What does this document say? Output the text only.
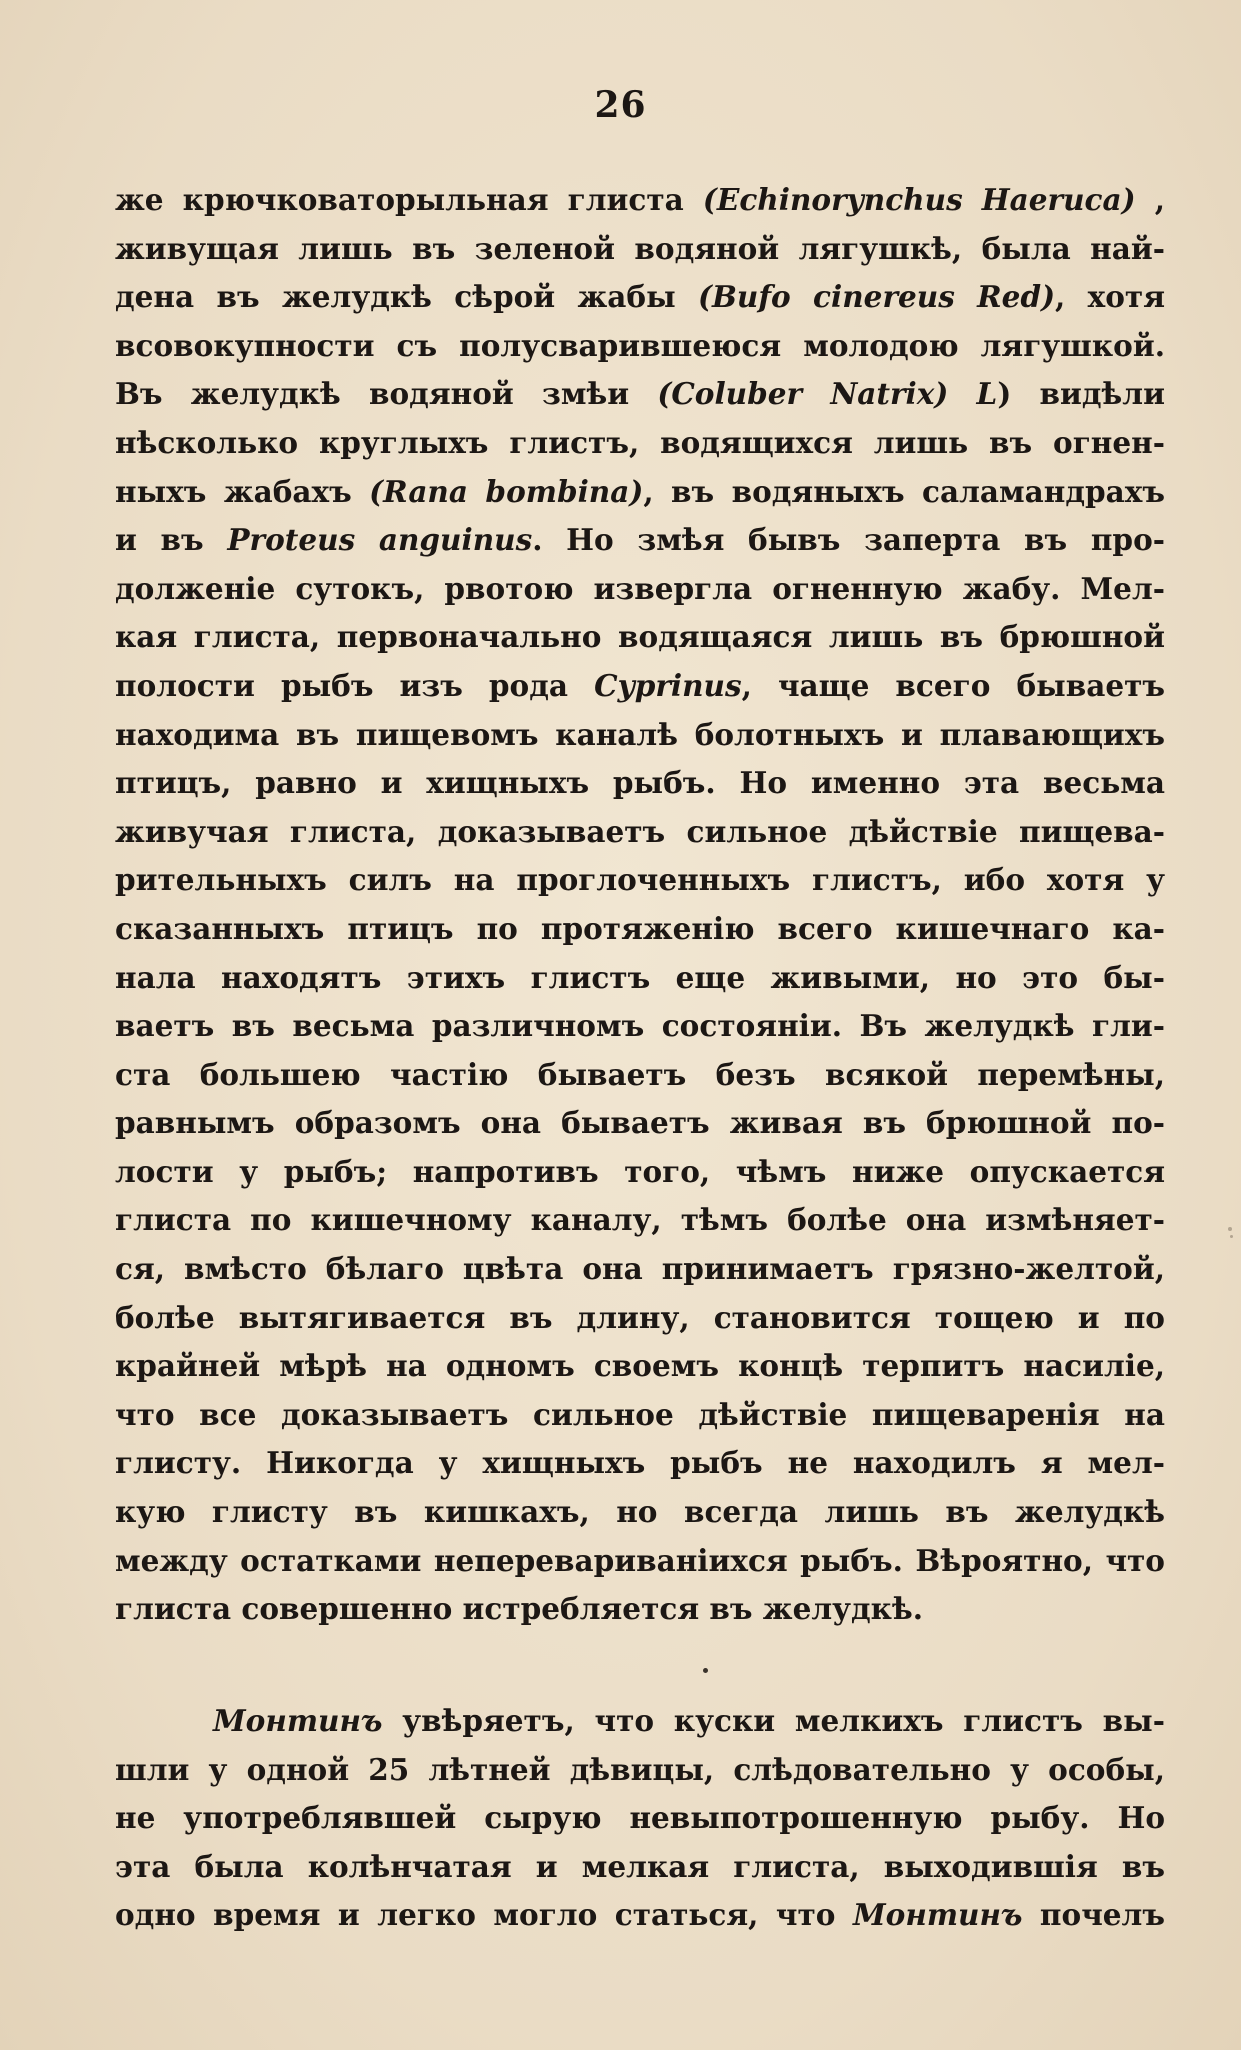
26
же крючковаторыльная глиста (Echinorynchus Haeruca) ,
живущая лишь въ зеленой водяной лягушкѣ, была най-
дена въ желудкѣ сѣрой жабы (Bufo cinereus Red), хотя
всовокупности съ полусварившеюся молодою лягушкой.
Въ желудкѣ водяной змѣи (Coluber Natrix) L) видѣли
нѣсколько круглыхъ глистъ, водящихся лишь въ огнен-
ныхъ жабахъ (Rana bombina), въ водяныхъ саламандрахъ
и въ Proteus anguinus. Но змѣя бывъ заперта въ про-
долженіе сутокъ, рвотою извергла огненную жабу. Мел-
кая глиста, первоначально водящаяся лишь въ брюшной
полости рыбъ изъ рода Cyprinus, чаще всего бываетъ
находима въ пищевомъ каналѣ болотныхъ и плавающихъ
птицъ, равно и хищныхъ рыбъ. Но именно эта весьма
живучая глиста, доказываетъ сильное дѣйствіе пищева-
рительныхъ силъ на проглоченныхъ глистъ, ибо хотя у
сказанныхъ птицъ по протяженію всего кишечнаго ка-
нала находятъ этихъ глистъ еще живыми, но это бы-
ваетъ въ весьма различномъ состояніи. Въ желудкѣ гли-
ста большею частію бываетъ безъ всякой перемѣны,
равнымъ образомъ она бываетъ живая въ брюшной по-
лости у рыбъ; напротивъ того, чѣмъ ниже опускается
глиста по кишечному каналу, тѣмъ болѣе она измѣняет-
ся, вмѣсто бѣлаго цвѣта она принимаетъ грязно-желтой,
болѣе вытягивается въ длину, становится тощею и по
крайней мѣрѣ на одномъ своемъ концѣ терпитъ насиліе,
что все доказываетъ сильное дѣйствіе пищеваренія на
глисту. Никогда у хищныхъ рыбъ не находилъ я мел-
кую глисту въ кишкахъ, но всегда лишь въ желудкѣ
между остатками неперевариваніихся рыбъ. Вѣроятно, что
глиста совершенно истребляется въ желудкѣ.
Монтинъ увѣряетъ, что куски мелкихъ глистъ вы-
шли у одной 25 лѣтней дѣвицы, слѣдовательно у особы,
не употреблявшей сырую невыпотрошенную рыбу. Но
эта была колѣнчатая и мелкая глиста, выходившія въ
одно время и легко могло статься, что Монтинъ почелъ
